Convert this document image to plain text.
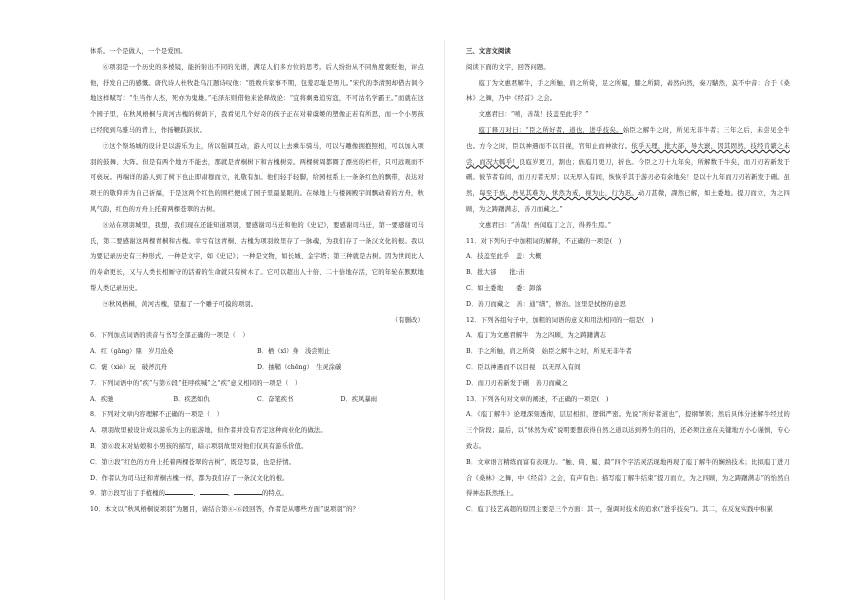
体系。一个是做人，一个是爱国。

⑥项羽是一个历史的多棱镜，能折射出不同的光谱，满足人们多方位的思考。后人纷纷从不同角度褒贬他，评点他，抒发自己的感慨。唐代诗人杜牧赴乌江题诗叹他：“胜败兵家事不期，包羞忍耻是男儿。”宋代的李清照却借古讽今地这样赋写：“生当作人杰，死亦为鬼雄。”毛泽东则借他来论释战论：“宜将剩勇追穷寇，不可沽名学霸王。”而就在这个园子里，在秋风梧桐与黄河古槐的树荫下，我看见几个好奇的孩子正在对着虞姬的塑像正若有所思，而一个小男孩已经爬到乌骓马的背上，作扬鞭跃跃状。

⑦这个祭场城的设计是以游乐为主，所以强调互动，游人可以上去乘车骑马，可以与雕像拥抱照相，可以加入项羽的鼓舞、大阵。但是有两个地方不能去，那就是青桐树下和古槐树旁。两棵树周都圈了漂亮的栏杆，只可远观而不可亵玩。再端详的游人到了树下也止即肃穆而立，礼敬有加。他们轻手轻脚，给园柱系上一条条红色的飘带，表达对项王的敬仰并为自己祈福，于是这两个红色的围栏便成了园子里最显眼的。在绿地上与楼阁殿宇间飘动着的方舟，秋风气韵，红色的方舟上托着两棵苍翠的古树。

⑧站在项羽城里，我想，我们现在还能知道项羽，要感谢司马迁和他的《史记》，要感谢司马迁，第一要感谢司马氏，第二要感谢这两棵青桐和古槐。幸亏有这青桐、古槐为项羽故里存了一脉魂，为我们存了一条汉文化的根。我以为要记录历史有三种形式，一种是文字，如《史记》；一种是文物，如长城、金字塔；第三种就是古树。因为世间比人的寿命更长，又与人类长相厮守的活着的生命就只有树木了。它可以超出人十倍、二十倍地存活，它的年轮在默默地帮人类记录历史。

⑨秋风梧桐，黄河古槐，望迤了一个雕子可摸的项羽。

（有删改）

6．下列加点词语的读音与书写全部正确的一项是（　）

A．红（gāng）鼎　岁月沧桑	B．栖（xī）身　浅尝则止
C．褒（xiè）玩　破斧沉舟	D．抽鞘（chēng）　生灵涂碳

7．下列词语中的“疾”与第⑥段“狂呼疾喊”之“疾”意义相同的一项是（　）

A．疾驰	B．疾恶如仇	C．奋笔疾书	D．疾风暴雨

8．下列对文章内容理解不正确的一项是（　）

A．项羽故里被设计成以游乐为主的旅游地，但作者并没有否定这种商业化的做法。

B．第⑥段末对姑娘和小男孩的描写，暗示项羽故里对他们仅具有游乐价值。

C．第⑦段“红色的方舟上托着两棵苍翠的古树”，既是写景，也是抒情。

D．作者认为司马迁和青桐古槐一样，都为我们存了一条汉文化的根。

9．第⑦段写出了手植槐的	、	、	的特点。

10．本文以“秋风梧桐说项羽”为题目，请结合第④-⑥段回答，作者是从哪些方面“说项羽”的？

三、文言文阅读

阅读下面的文字，回答问题。

庖丁为文惠君解牛，手之所触，肩之所倚，足之所履，膝之所踦，砉然向然，奏刀騞然，莫不中音：合于《桑林》之舞，乃中《经首》之会。

文惠君曰：“嘻，善哉！技盖至此乎？”

庖丁释刀对曰：“臣之所好者，道也，进乎技矣。始臣之解牛之时，所见无非牛者；三年之后，未尝见全牛也。方今之时，臣以神遇而不以目视，官知止而神欲行。依乎天理，批大郤，导大窾，因其固然，技经肯綮之未尝，而况大軱乎！良庖岁更刀，割也；族庖月更刀，折也。今臣之刀十九年矣，所解数千牛矣，而刀刃若新发于硎。彼节者有间，而刀刃者无厚；以无厚入有间，恢恢乎其于游刃必有余地矣！是以十九年而刀刃若新发于硎。虽然，每至于族，吾见其难为，怵然为戒，视为止，行为迟。动刀甚微，謋然已解，如土委地。提刀而立，为之四顾，为之踌躇满志，善刀而藏之。”

文惠君曰：“善哉！吾闻庖丁之言，得养生焉。”

11．对下列句子中加粗词的解释，不正确的一项是(　)

A．技盖至此乎　盖：大概

B．批大郤　　批:击

C．如土委地　　委：卸落

D．善刀而藏之　善：通“缮”，修治。这里是拭擦的意思

12．下列各组句子中，加粗的词语的意义和用法相同的一组是(　)

A．庖丁为文惠君解牛　为之四顾，为之踌躇满志

B．手之所触，肩之所倚　始臣之解牛之时，所见无非牛者

C．臣以神遇而不以目视　以无厚入有间

D．而刀刃若新发于硎　善刀而藏之

13．下列各句对文章的阐述，不正确的一项是(　)

A．《庖丁解牛》论理深刻透彻，层层相扣，逻辑严密。先说“所好者道也”，提纲挈领；然后具体分述解牛经过的三个阶段；最后，以“怵然为戒”说明要想获得自然之道以达到养生的目的，还必须注意在关键地方小心谨慎，专心致志。

B．文章语言精练而富有表现力。“触、倚、履、踦”四个字活灵活现地再现了庖丁解牛的娴熟技术；比拟庖丁进刀合《桑林》之舞，中《经首》之会，有声有色；描写庖丁解牛结束“提刀而立，为之四顾，为之踌躇满志”的怡然自得神态跃然纸上。

C．庖丁技艺高超的原因主要是三个方面：其一，强调对技术的追求(“进乎技矣”)。其二，在反复实践中积累
